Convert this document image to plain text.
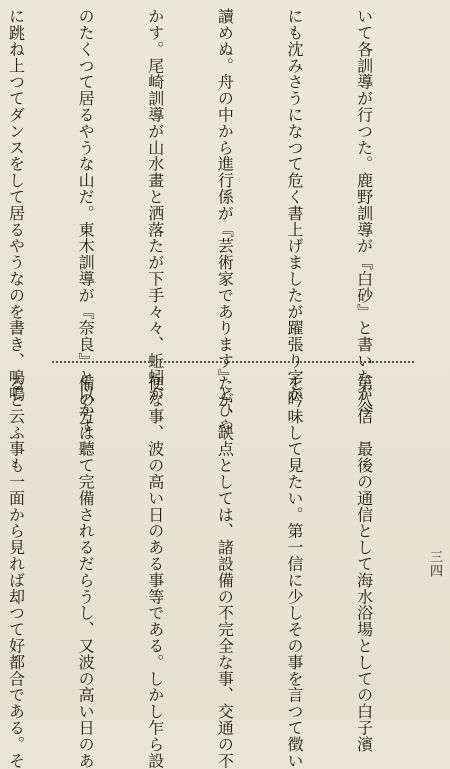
いて各訓導が行つた。鹿野訓導が『白砂』と書いたが今

にも沈みさうになつて危く書上げましたが躍張り字が

讀めぬ。舟の中から進行係が『芸術家であります』とひや

かす。尾崎訓導が山水畫と洒落たが下手々々、蚯蚓が

のたくつて居るやうな山だ。東木訓導が『奈良』と以かす

に跳ね上つてダンスをして居るやうなのを書き、鳴鳴

第八信　最後の通信として海水浴場としての白子濱

を吟味して見たい。第一信に少しその事を言つて徴い

たが、缺点としては、諸設備の不完全な事、交通の不

便な事、波の高い日のある事等である。しかし乍ら設

備の方は聽て完備されるだらうし、又波の高い日のあ

ると云ふ事も一面から見れば却つて好都合である。そ

	三四
